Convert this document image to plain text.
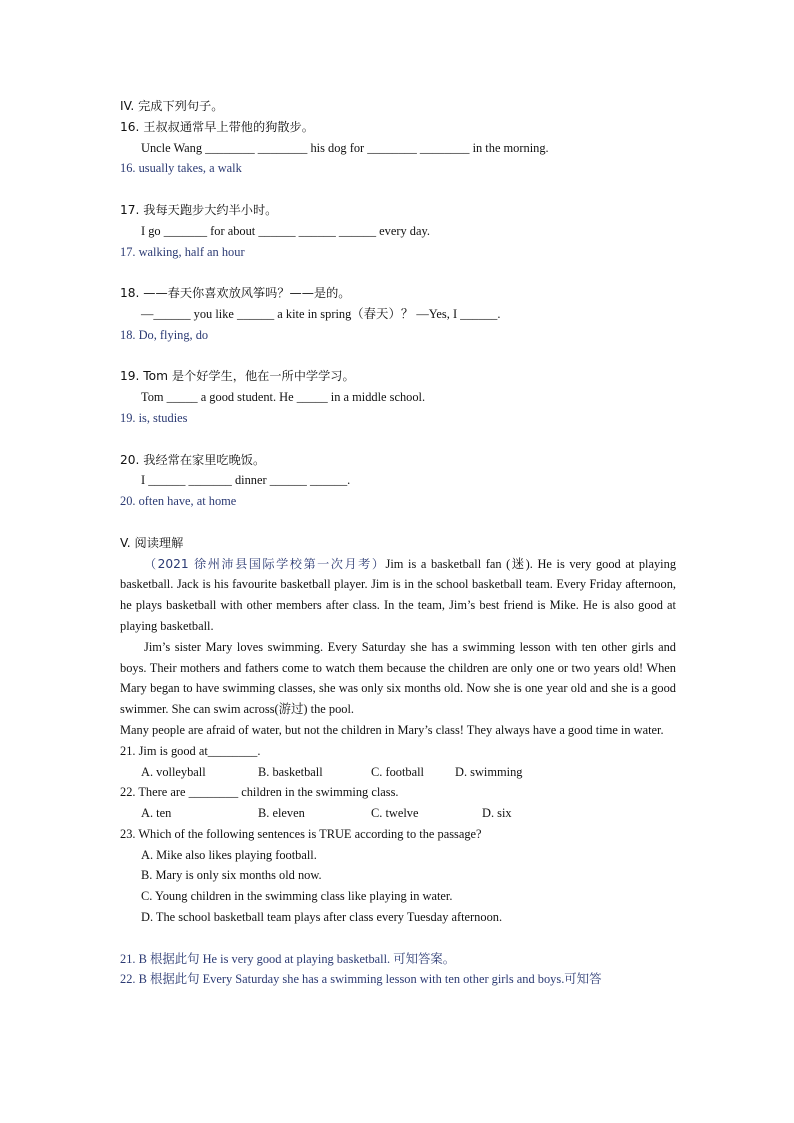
IV. 完成下列句子。
16. 王叔叔通常早上带他的狗散步。
Uncle Wang ________ ________ his dog for ________ ________ in the morning.
16. usually takes, a walk
17. 我每天跑步大约半小时。
I go _______ for about ______ ______ ______ every day.
17. walking, half an hour
18. ——春天你喜欢放风筝吗？——是的。
—______ you like ______ a kite in spring（春天）？ —Yes, I ______.
18. Do, flying, do
19. Tom 是个好学生，他在一所中学学习。
Tom _____ a good student. He _____ in a middle school.
19. is, studies
20. 我经常在家里吃晚饭。
I ______ _______ dinner ______ ______.
20. often have, at home
V. 阅读理解

（2021 徐州沛县国际学校第一次月考）Jim is a basketball fan (迷). He is very good at playing basketball. Jack is his favourite basketball player. Jim is in the school basketball team. Every Friday afternoon, he plays basketball with other members after class. In the team, Jim’s best friend is Mike. He is also good at playing basketball.

Jim’s sister Mary loves swimming. Every Saturday she has a swimming lesson with ten other girls and boys. Their mothers and fathers come to watch them because the children are only one or two years old! When Mary began to have swimming classes, she was only six months old. Now she is one year old and she is a good swimmer. She can swim across(游过) the pool.

Many people are afraid of water, but not the children in Mary’s class! They always have a good time in water.

21. Jim is good at________.
A. volleyball	B. basketball	C. football	D. swimming
22. There are ________ children in the swimming class.
A. ten	B. eleven	C. twelve	D. six
23. Which of the following sentences is TRUE according to the passage?
A. Mike also likes playing football.
B. Mary is only six months old now.
C. Young children in the swimming class like playing in water.
D. The school basketball team plays after class every Tuesday afternoon.
21. B 根据此句 He is very good at playing basketball. 可知答案。
22. B 根据此句 Every Saturday she has a swimming lesson with ten other girls and boys.可知答
